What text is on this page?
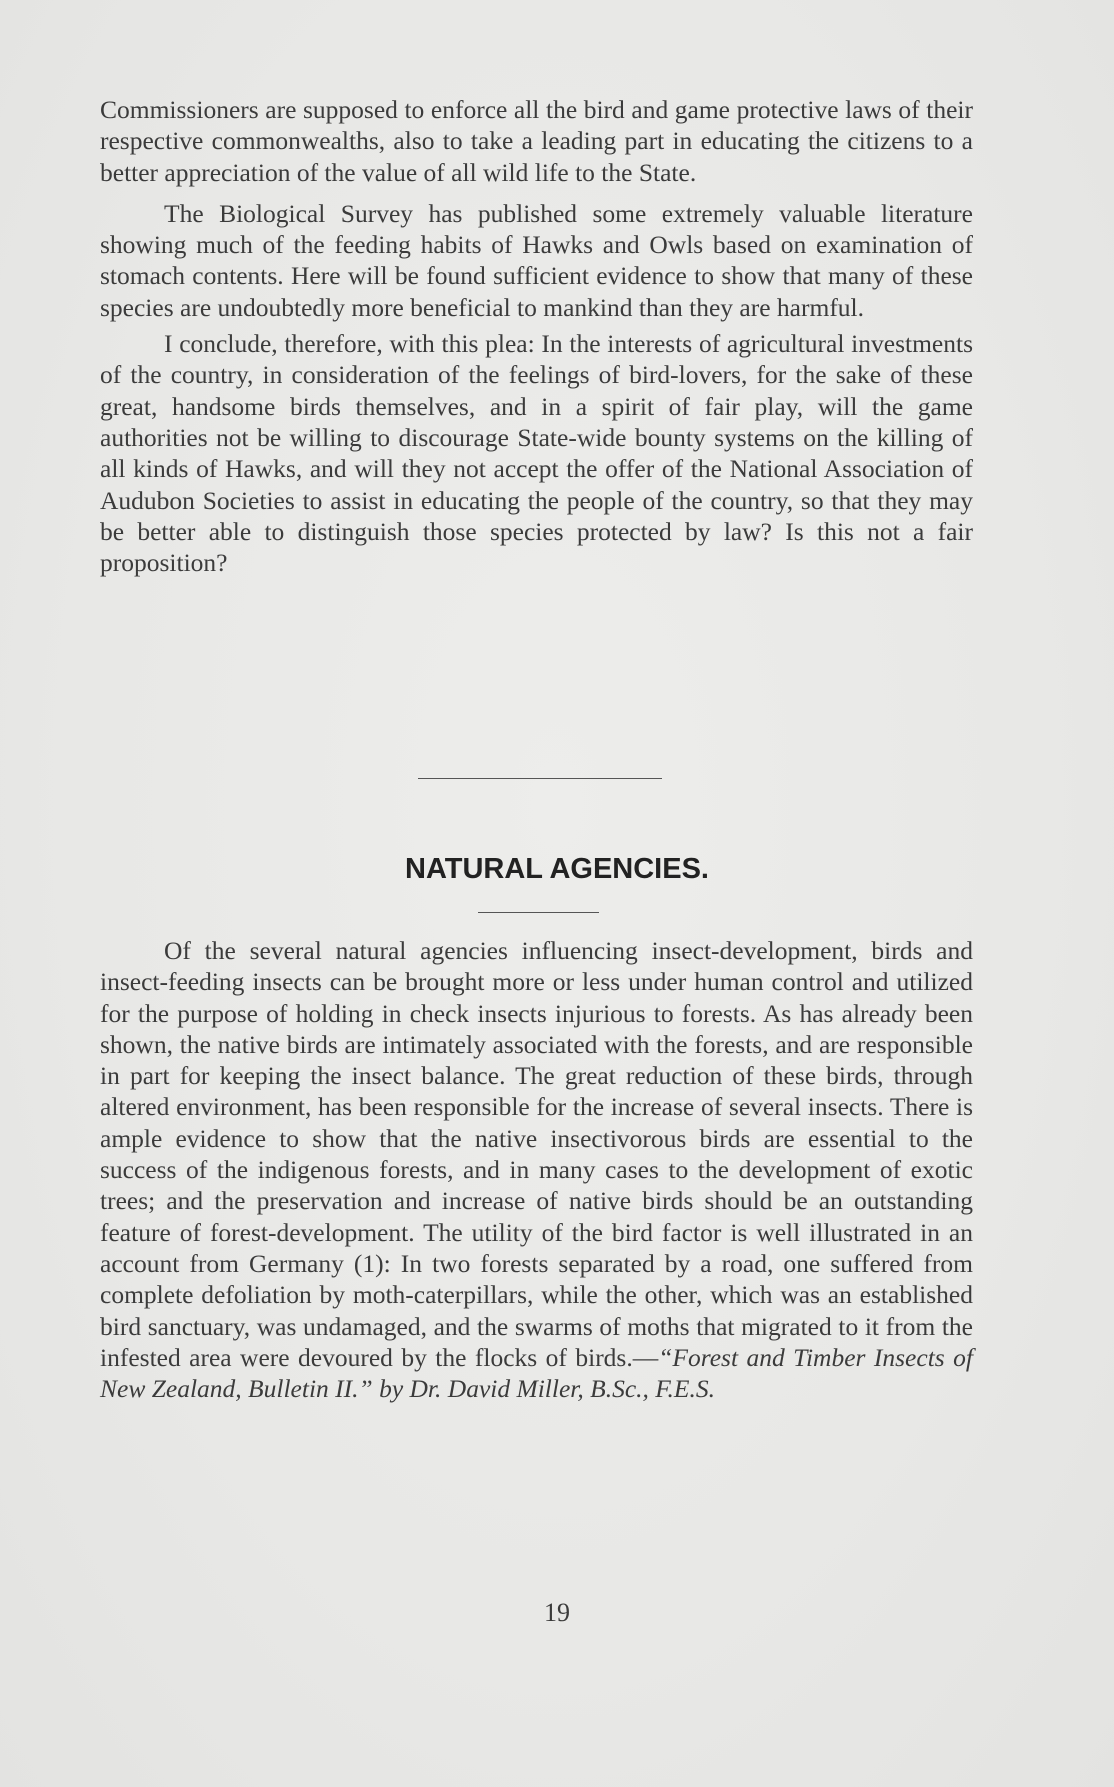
Commissioners are supposed to enforce all the bird and game protective laws of their respective commonwealths, also to take a leading part in educating the citizens to a better appreciation of the value of all wild life to the State.

The Biological Survey has published some extremely valuable literature showing much of the feeding habits of Hawks and Owls based on examination of stomach contents. Here will be found sufficient evidence to show that many of these species are undoubtedly more beneficial to mankind than they are harmful.

I conclude, therefore, with this plea: In the interests of agricultural investments of the country, in consideration of the feelings of bird-lovers, for the sake of these great, handsome birds themselves, and in a spirit of fair play, will the game authorities not be willing to discourage State-wide bounty systems on the killing of all kinds of Hawks, and will they not accept the offer of the National Association of Audubon Societies to assist in educating the people of the country, so that they may be better able to distinguish those species protected by law? Is this not a fair proposition?

NATURAL AGENCIES.

Of the several natural agencies influencing insect-development, birds and insect-feeding insects can be brought more or less under human control and utilized for the purpose of holding in check insects injurious to forests. As has already been shown, the native birds are intimately associated with the forests, and are responsible in part for keeping the insect balance. The great reduction of these birds, through altered environment, has been responsible for the increase of several insects. There is ample evidence to show that the native insectivorous birds are essential to the success of the indigenous forests, and in many cases to the development of exotic trees; and the preservation and increase of native birds should be an outstanding feature of forest-development. The utility of the bird factor is well illustrated in an account from Germany (1): In two forests separated by a road, one suffered from complete defoliation by moth-caterpillars, while the other, which was an established bird sanctuary, was undamaged, and the swarms of moths that migrated to it from the infested area were devoured by the flocks of birds.—“Forest and Timber Insects of New Zealand, Bulletin II.” by Dr. David Miller, B.Sc., F.E.S.

19
